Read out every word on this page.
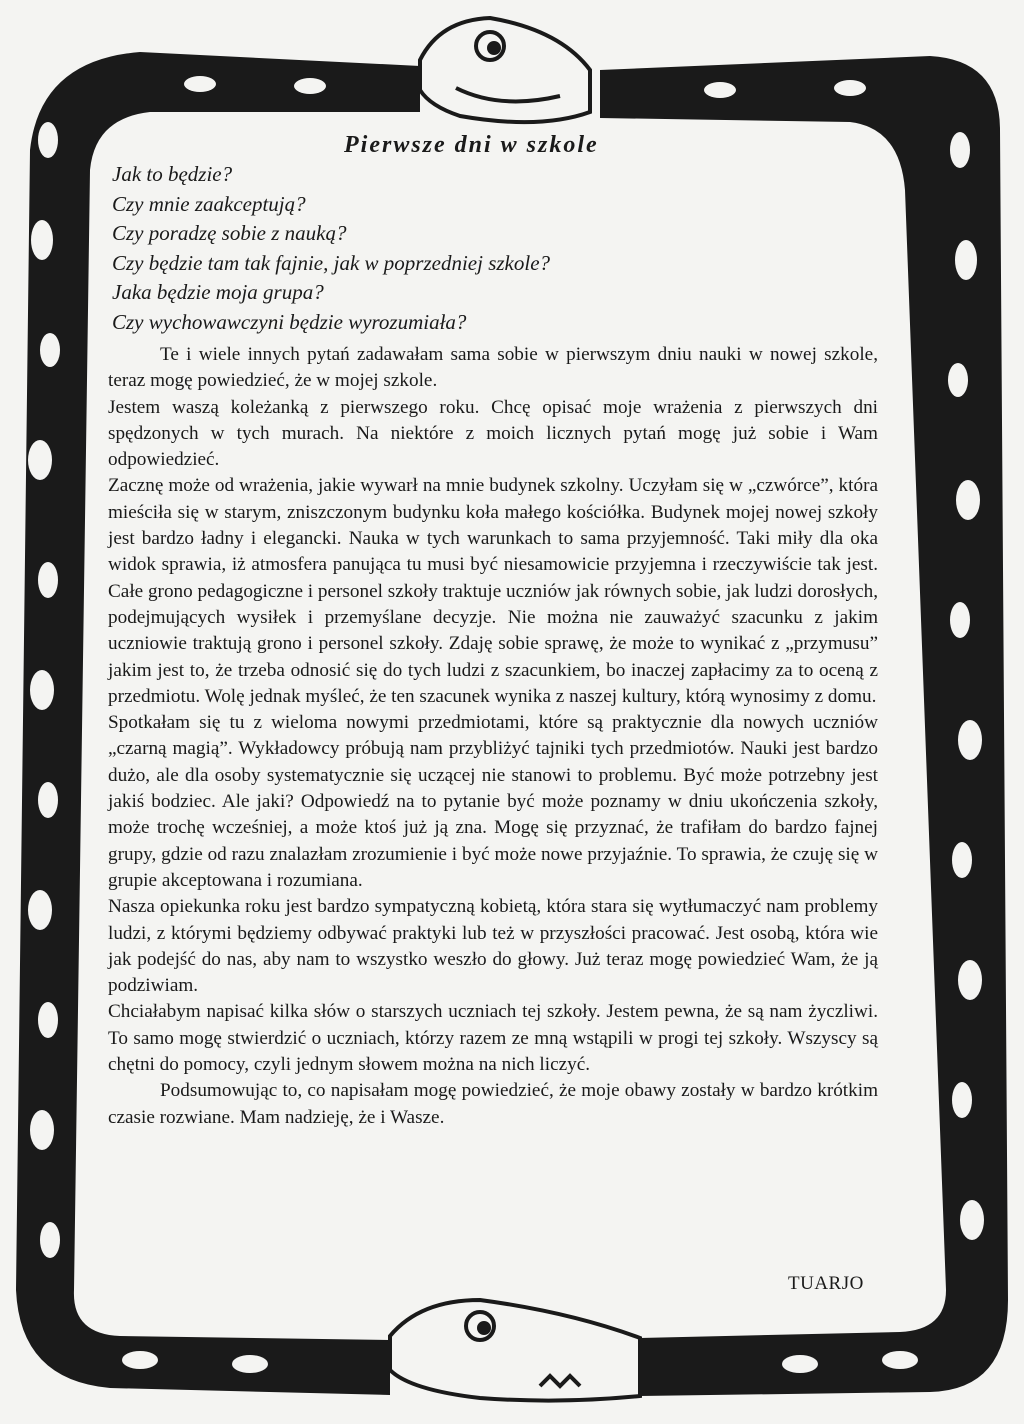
Pierwsze dni w szkole
Jak to będzie?
Czy mnie zaakceptują?
Czy poradzę sobie z nauką?
Czy będzie tam tak fajnie, jak w poprzedniej szkole?
Jaka będzie moja grupa?
Czy wychowawczyni będzie wyrozumiała?

Te i wiele innych pytań zadawałam sama sobie w pierwszym dniu nauki w nowej szkole, teraz mogę powiedzieć, że w mojej szkole.

Jestem waszą koleżanką z pierwszego roku. Chcę opisać moje wrażenia z pierwszych dni spędzonych w tych murach. Na niektóre z moich licznych pytań mogę już sobie i Wam odpowiedzieć.

Zacznę może od wrażenia, jakie wywarł na mnie budynek szkolny. Uczyłam się w „czwórce”, która mieściła się w starym, zniszczonym budynku koła małego kościółka. Budynek mojej nowej szkoły jest bardzo ładny i elegancki. Nauka w tych warunkach to sama przyjemność. Taki miły dla oka widok sprawia, iż atmosfera panująca tu musi być niesamowicie przyjemna i rzeczywiście tak jest. Całe grono pedagogiczne i personel szkoły traktuje uczniów jak równych sobie, jak ludzi dorosłych, podejmujących wysiłek i przemyślane decyzje. Nie można nie zauważyć szacunku z jakim uczniowie traktują grono i personel szkoły. Zdaję sobie sprawę, że może to wynikać z „przymusu” jakim jest to, że trzeba odnosić się do tych ludzi z szacunkiem, bo inaczej zapłacimy za to oceną z przedmiotu. Wolę jednak myśleć, że ten szacunek wynika z naszej kultury, którą wynosimy z domu.

Spotkałam się tu z wieloma nowymi przedmiotami, które są praktycznie dla nowych uczniów „czarną magią”. Wykładowcy próbują nam przybliżyć tajniki tych przedmiotów. Nauki jest bardzo dużo, ale dla osoby systematycznie się uczącej nie stanowi to problemu. Być może potrzebny jest jakiś bodziec. Ale jaki? Odpowiedź na to pytanie być może poznamy w dniu ukończenia szkoły, może trochę wcześniej, a może ktoś już ją zna. Mogę się przyznać, że trafiłam do bardzo fajnej grupy, gdzie od razu znalazłam zrozumienie i być może nowe przyjaźnie. To sprawia, że czuję się w grupie akceptowana i rozumiana.

Nasza opiekunka roku jest bardzo sympatyczną kobietą, która stara się wytłumaczyć nam problemy ludzi, z którymi będziemy odbywać praktyki lub też w przyszłości pracować. Jest osobą, która wie jak podejść do nas, aby nam to wszystko weszło do głowy. Już teraz mogę powiedzieć Wam, że ją podziwiam.

Chciałabym napisać kilka słów o starszych uczniach tej szkoły. Jestem pewna, że są nam życzliwi. To samo mogę stwierdzić o uczniach, którzy razem ze mną wstąpili w progi tej szkoły. Wszyscy są chętni do pomocy, czyli jednym słowem można na nich liczyć.

Podsumowując to, co napisałam mogę powiedzieć, że moje obawy zostały w bardzo krótkim czasie rozwiane. Mam nadzieję, że i Wasze.

TUARJO
